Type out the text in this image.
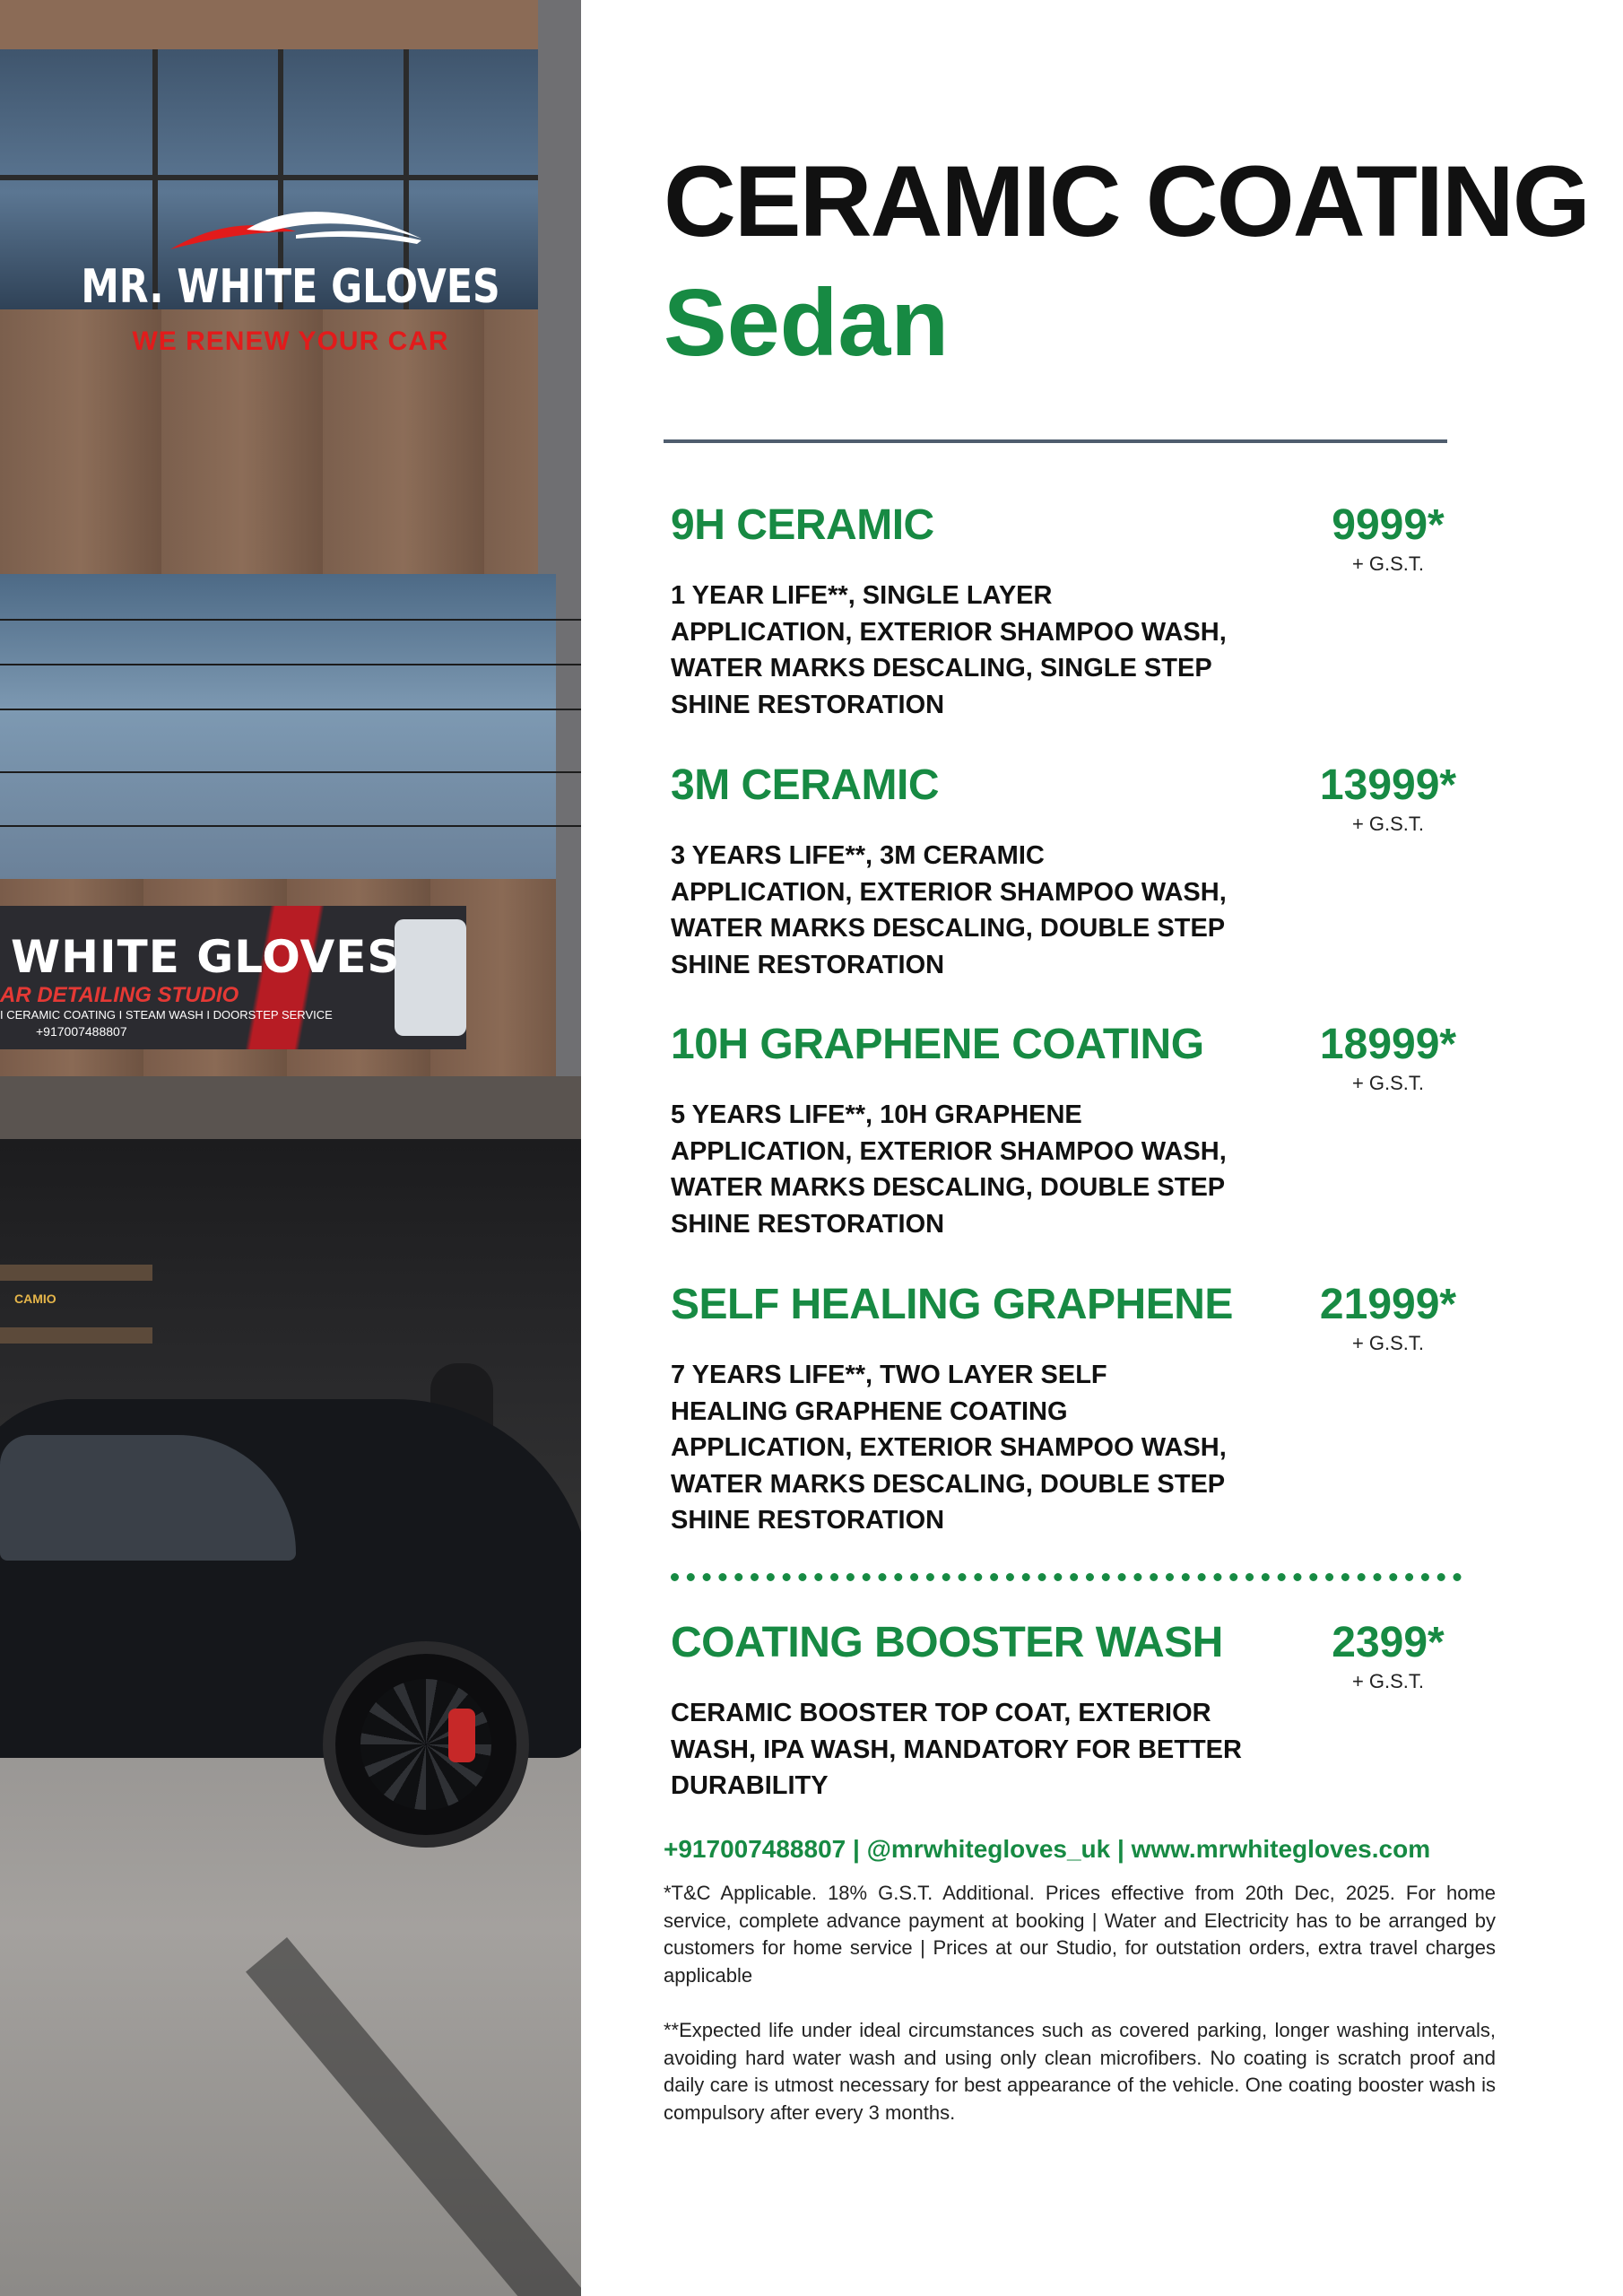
WHITE GLOVES
AR DETAILING STUDIO
I CERAMIC COATING I STEAM WASH I DOORSTEP SERVICE
+917007488807
CAMIO
MR. WHITE GLOVES
WE RENEW YOUR CAR
CERAMIC COATING
Sedan
9H CERAMIC	9999*
+ G.S.T.
1 YEAR LIFE**, SINGLE LAYER APPLICATION, EXTERIOR SHAMPOO WASH, WATER MARKS DESCALING, SINGLE STEP SHINE RESTORATION
3M CERAMIC	13999*
+ G.S.T.
3 YEARS LIFE**, 3M CERAMIC APPLICATION, EXTERIOR SHAMPOO WASH, WATER MARKS DESCALING, DOUBLE STEP SHINE RESTORATION
10H GRAPHENE COATING	18999*
+ G.S.T.
5 YEARS LIFE**, 10H GRAPHENE APPLICATION, EXTERIOR SHAMPOO WASH, WATER MARKS DESCALING, DOUBLE STEP SHINE RESTORATION
SELF HEALING GRAPHENE 21999*
+ G.S.T.
7 YEARS LIFE**, TWO LAYER SELF HEALING GRAPHENE COATING APPLICATION, EXTERIOR SHAMPOO WASH, WATER MARKS DESCALING, DOUBLE STEP SHINE RESTORATION
COATING BOOSTER WASH	2399*
+ G.S.T.
CERAMIC BOOSTER TOP COAT, EXTERIOR WASH, IPA WASH, MANDATORY FOR BETTER DURABILITY
+917007488807 | @mrwhitegloves_uk | www.mrwhitegloves.com

*T&C Applicable. 18% G.S.T. Additional. Prices effective from 20th Dec, 2025. For home service, complete advance payment at booking | Water and Electricity has to be arranged by customers for home service | Prices at our Studio, for outstation orders, extra travel charges applicable

**Expected life under ideal circumstances such as covered parking, longer washing intervals, avoiding hard water wash and using only clean microfibers. No coating is scratch proof and daily care is utmost necessary for best appearance of the vehicle. One coating booster wash is compulsory after every 3 months.
